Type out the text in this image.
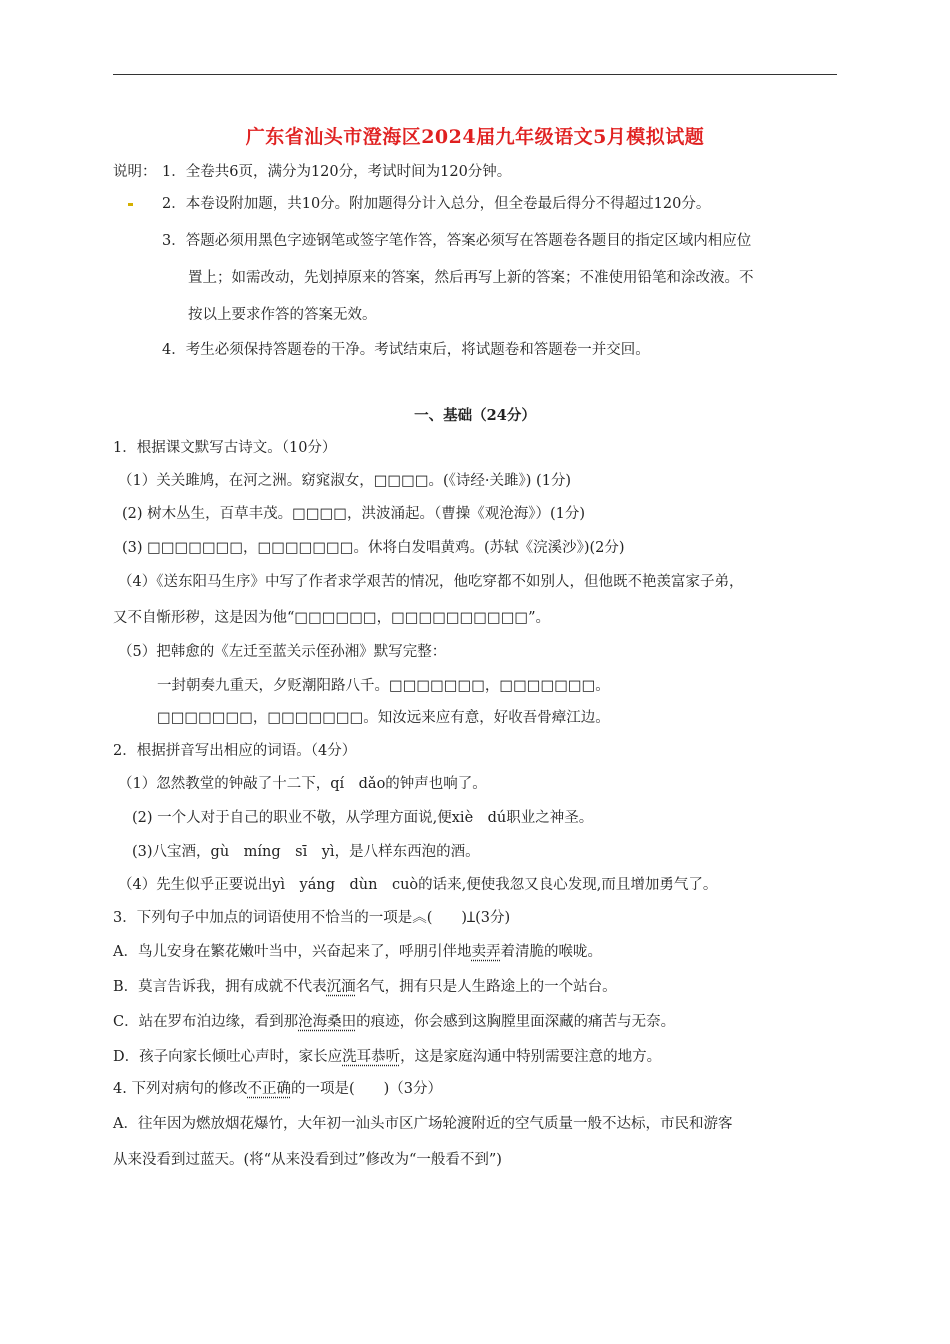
广东省汕头市澄海区2024届九年级语文5月模拟试题
说明： 1．全卷共6页，满分为120分，考试时间为120分钟。
2．本卷设附加题，共10分。附加题得分计入总分，但全卷最后得分不得超过120分。
3．答题必须用黑色字迹钢笔或签字笔作答，答案必须写在答题卷各题目的指定区域内相应位
置上；如需改动，先划掉原来的答案，然后再写上新的答案；不准使用铅笔和涂改液。不
按以上要求作答的答案无效。
4．考生必须保持答题卷的干净。考试结束后，将试题卷和答题卷一并交回。
一、基础（24分）
1．根据课文默写古诗文。（10分）
（1）关关雎鸠，在河之洲。窈窕淑女，□□□□。(《诗经·关雎》) (1分)
(2) 树木丛生，百草丰茂。□□□□，洪波涌起。（曹操《观沧海》）(1分)
(3) □□□□□□□，□□□□□□□。休将白发唱黄鸡。(苏轼《浣溪沙》)(2分)
（4）《送东阳马生序》中写了作者求学艰苦的情况，他吃穿都不如别人，但他既不艳羡富家子弟，
又不自惭形秽，这是因为他“□□□□□□，□□□□□□□□□□”。
（5）把韩愈的《左迁至蓝关示侄孙湘》默写完整：
一封朝奏九重天，夕贬潮阳路八千。□□□□□□□，□□□□□□□。
□□□□□□□，□□□□□□□。知汝远来应有意，好收吾骨瘴江边。
2．根据拼音写出相应的词语。（4分）
（1）忽然教堂的钟敲了十二下，qí　dǎo的钟声也响了。
(2) 一个人对于自己的职业不敬，从学理方面说,便xiè　dú职业之神圣。
(3)八宝酒，gù　míng　sī　yì，是八样东西泡的酒。
（4）先生似乎正要说出yì　yáng　dùn　cuò的话来,便使我忽又良心发现,而且增加勇气了。
3．下列句子中加点的词语使用不恰当的一项是︽(　　)Ʇ(3分)
A．鸟儿安身在繁花嫩叶当中，兴奋起来了，呼朋引伴地卖弄着清脆的喉咙。
B．莫言告诉我，拥有成就不代表沉湎名气，拥有只是人生路途上的一个站台。
C．站在罗布泊边缘，看到那沧海桑田的痕迹，你会感到这胸膛里面深藏的痛苦与无奈。
D．孩子向家长倾吐心声时，家长应洗耳恭听，这是家庭沟通中特别需要注意的地方。
4. 下列对病句的修改不正确的一项是(　　)（3分）
A．往年因为燃放烟花爆竹，大年初一汕头市区广场轮渡附近的空气质量一般不达标，市民和游客
从来没看到过蓝天。(将“从来没看到过”修改为“一般看不到”)
